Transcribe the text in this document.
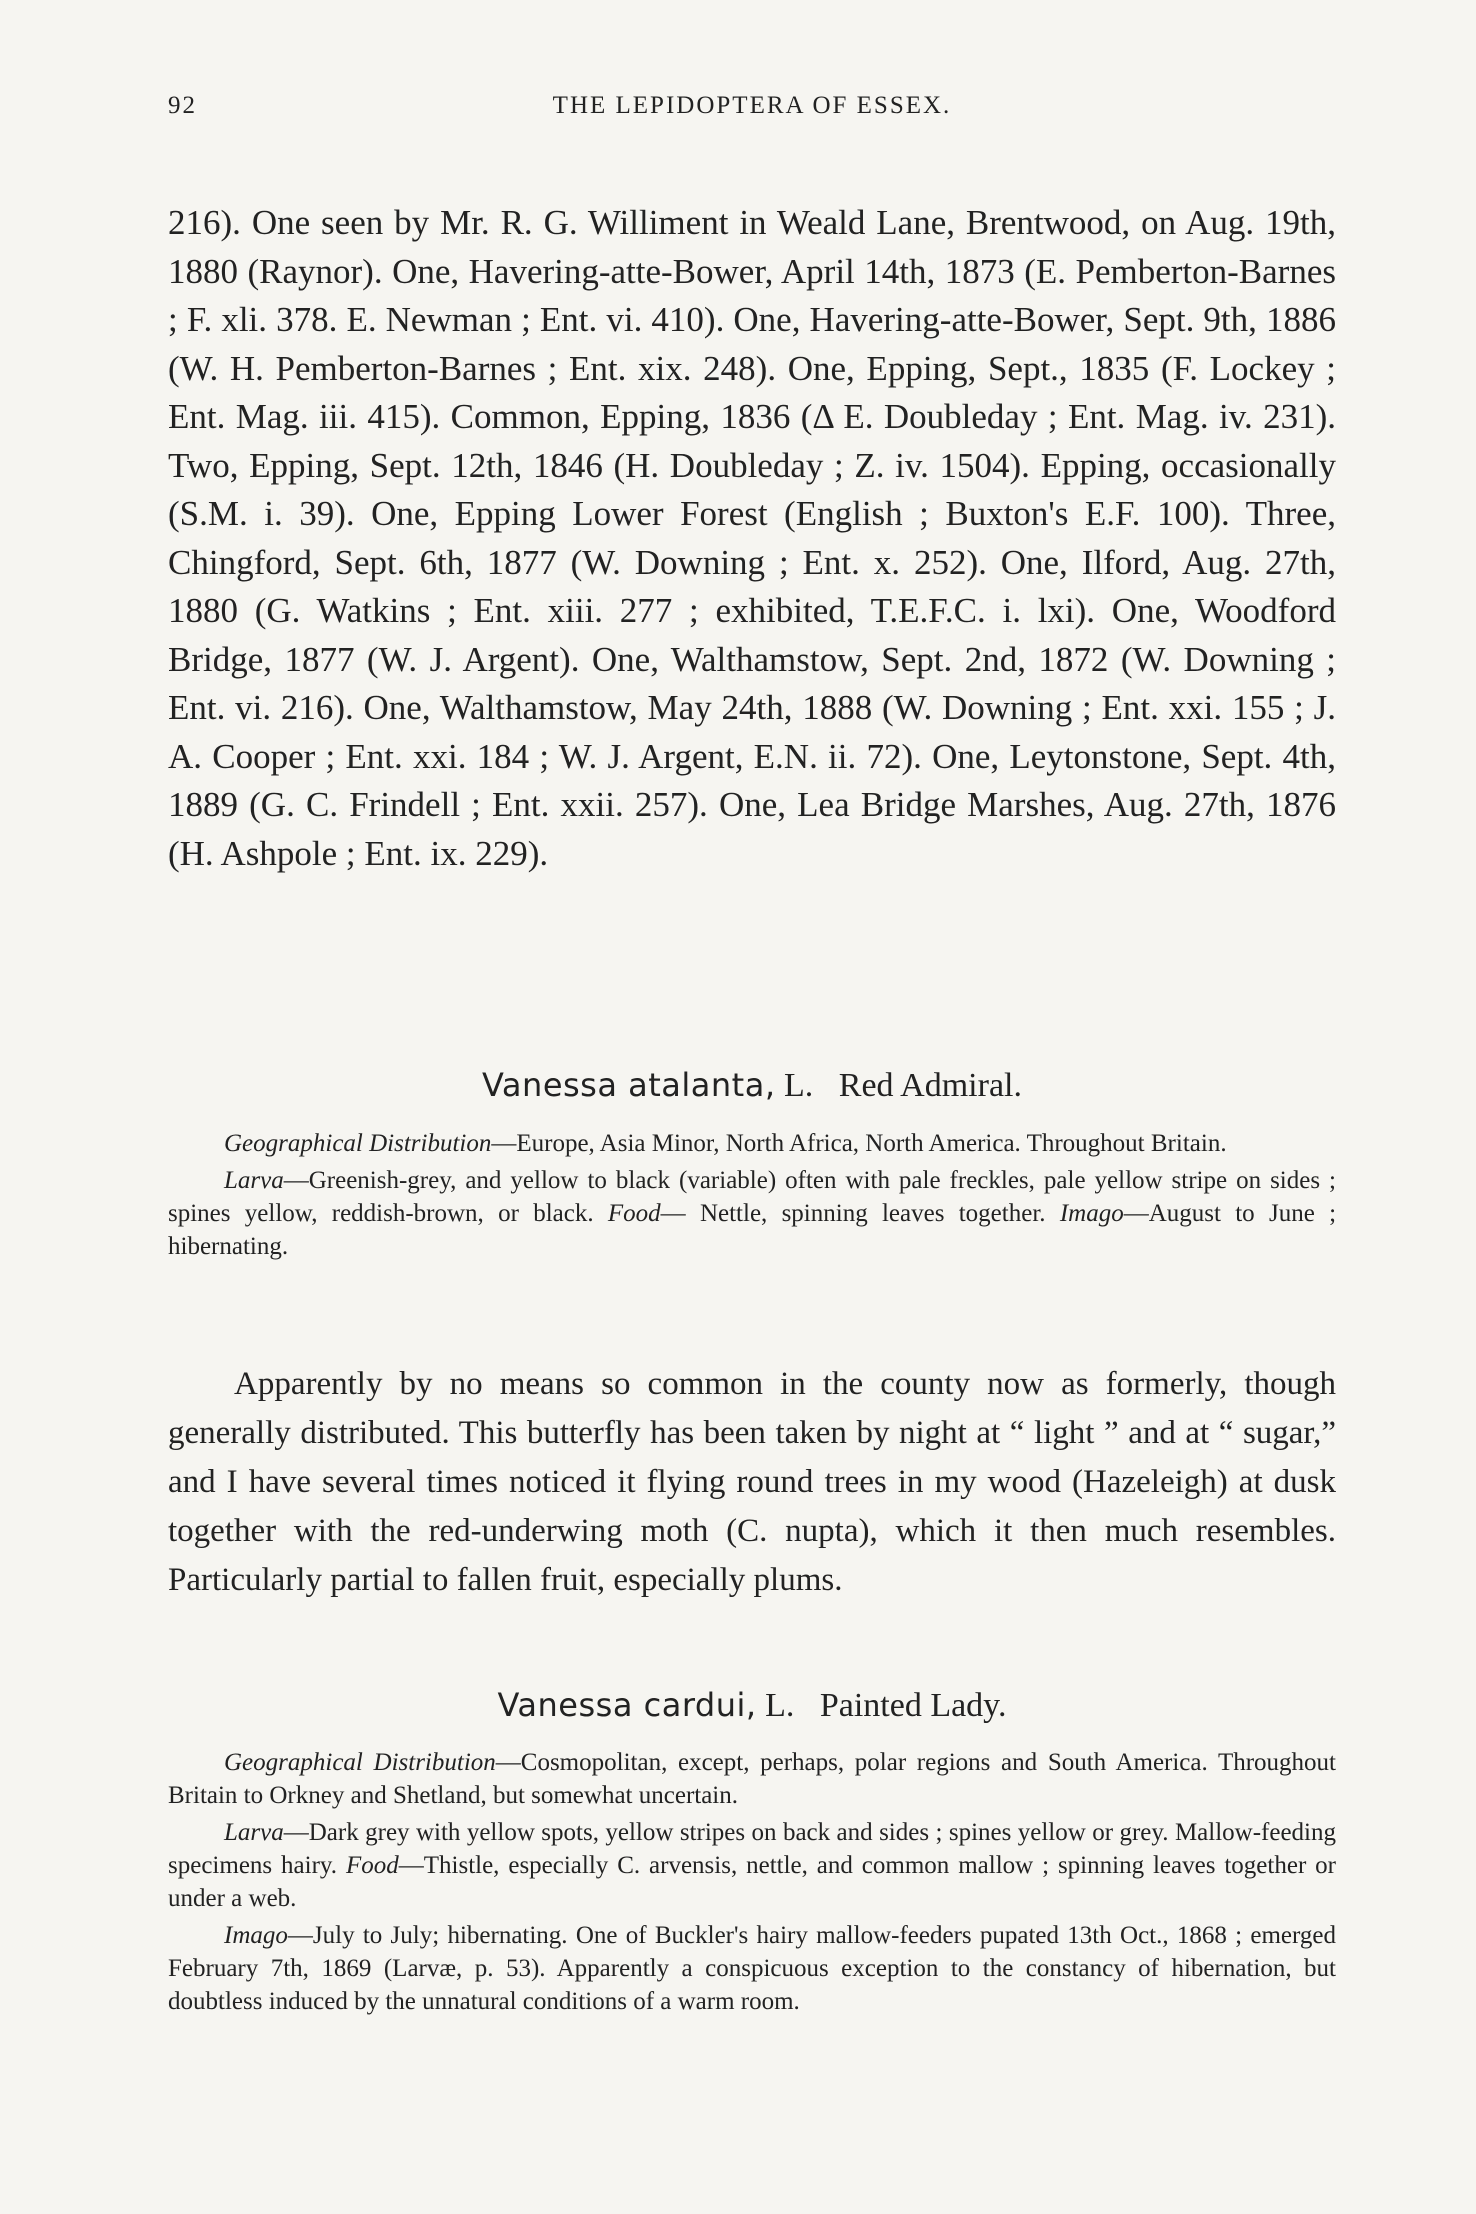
92	THE LEPIDOPTERA OF ESSEX.

216). One seen by Mr. R. G. Williment in Weald Lane, Brentwood, on Aug. 19th, 1880 (Raynor). One, Havering-atte-Bower, April 14th, 1873 (E. Pemberton-Barnes ; F. xli. 378. E. Newman ; Ent. vi. 410). One, Havering-atte-Bower, Sept. 9th, 1886 (W. H. Pemberton-Barnes ; Ent. xix. 248). One, Epping, Sept., 1835 (F. Lockey ; Ent. Mag. iii. 415). Common, Epping, 1836 (Δ E. Doubleday ; Ent. Mag. iv. 231). Two, Epping, Sept. 12th, 1846 (H. Doubleday ; Z. iv. 1504). Epping, occasionally (S.M. i. 39). One, Epping Lower Forest (English ; Buxton's E.F. 100). Three, Chingford, Sept. 6th, 1877 (W. Downing ; Ent. x. 252). One, Ilford, Aug. 27th, 1880 (G. Watkins ; Ent. xiii. 277 ; exhibited, T.E.F.C. i. lxi). One, Woodford Bridge, 1877 (W. J. Argent). One, Walthamstow, Sept. 2nd, 1872 (W. Downing ; Ent. vi. 216). One, Walthamstow, May 24th, 1888 (W. Downing ; Ent. xxi. 155 ; J. A. Cooper ; Ent. xxi. 184 ; W. J. Argent, E.N. ii. 72). One, Leytonstone, Sept. 4th, 1889 (G. C. Frindell ; Ent. xxii. 257). One, Lea Bridge Marshes, Aug. 27th, 1876 (H. Ashpole ; Ent. ix. 229).

Vanessa atalanta, L. Red Admiral.

Geographical Distribution—Europe, Asia Minor, North Africa, North America. Throughout Britain.

Larva—Greenish-grey, and yellow to black (variable) often with pale freckles, pale yellow stripe on sides ; spines yellow, reddish-brown, or black. Food— Nettle, spinning leaves together. Imago—August to June ; hibernating.

Apparently by no means so common in the county now as formerly, though generally distributed. This butterfly has been taken by night at “ light ” and at “ sugar,” and I have several times noticed it flying round trees in my wood (Hazeleigh) at dusk together with the red-underwing moth (C. nupta), which it then much resembles. Particularly partial to fallen fruit, especially plums.

Vanessa cardui, L. Painted Lady.

Geographical Distribution—Cosmopolitan, except, perhaps, polar regions and South America. Throughout Britain to Orkney and Shetland, but somewhat uncertain.

Larva—Dark grey with yellow spots, yellow stripes on back and sides ; spines yellow or grey. Mallow-feeding specimens hairy. Food—Thistle, especially C. arvensis, nettle, and common mallow ; spinning leaves together or under a web.

Imago—July to July; hibernating. One of Buckler's hairy mallow-feeders pupated 13th Oct., 1868 ; emerged February 7th, 1869 (Larvæ, p. 53). Apparently a conspicuous exception to the constancy of hibernation, but doubtless induced by the unnatural conditions of a warm room.
